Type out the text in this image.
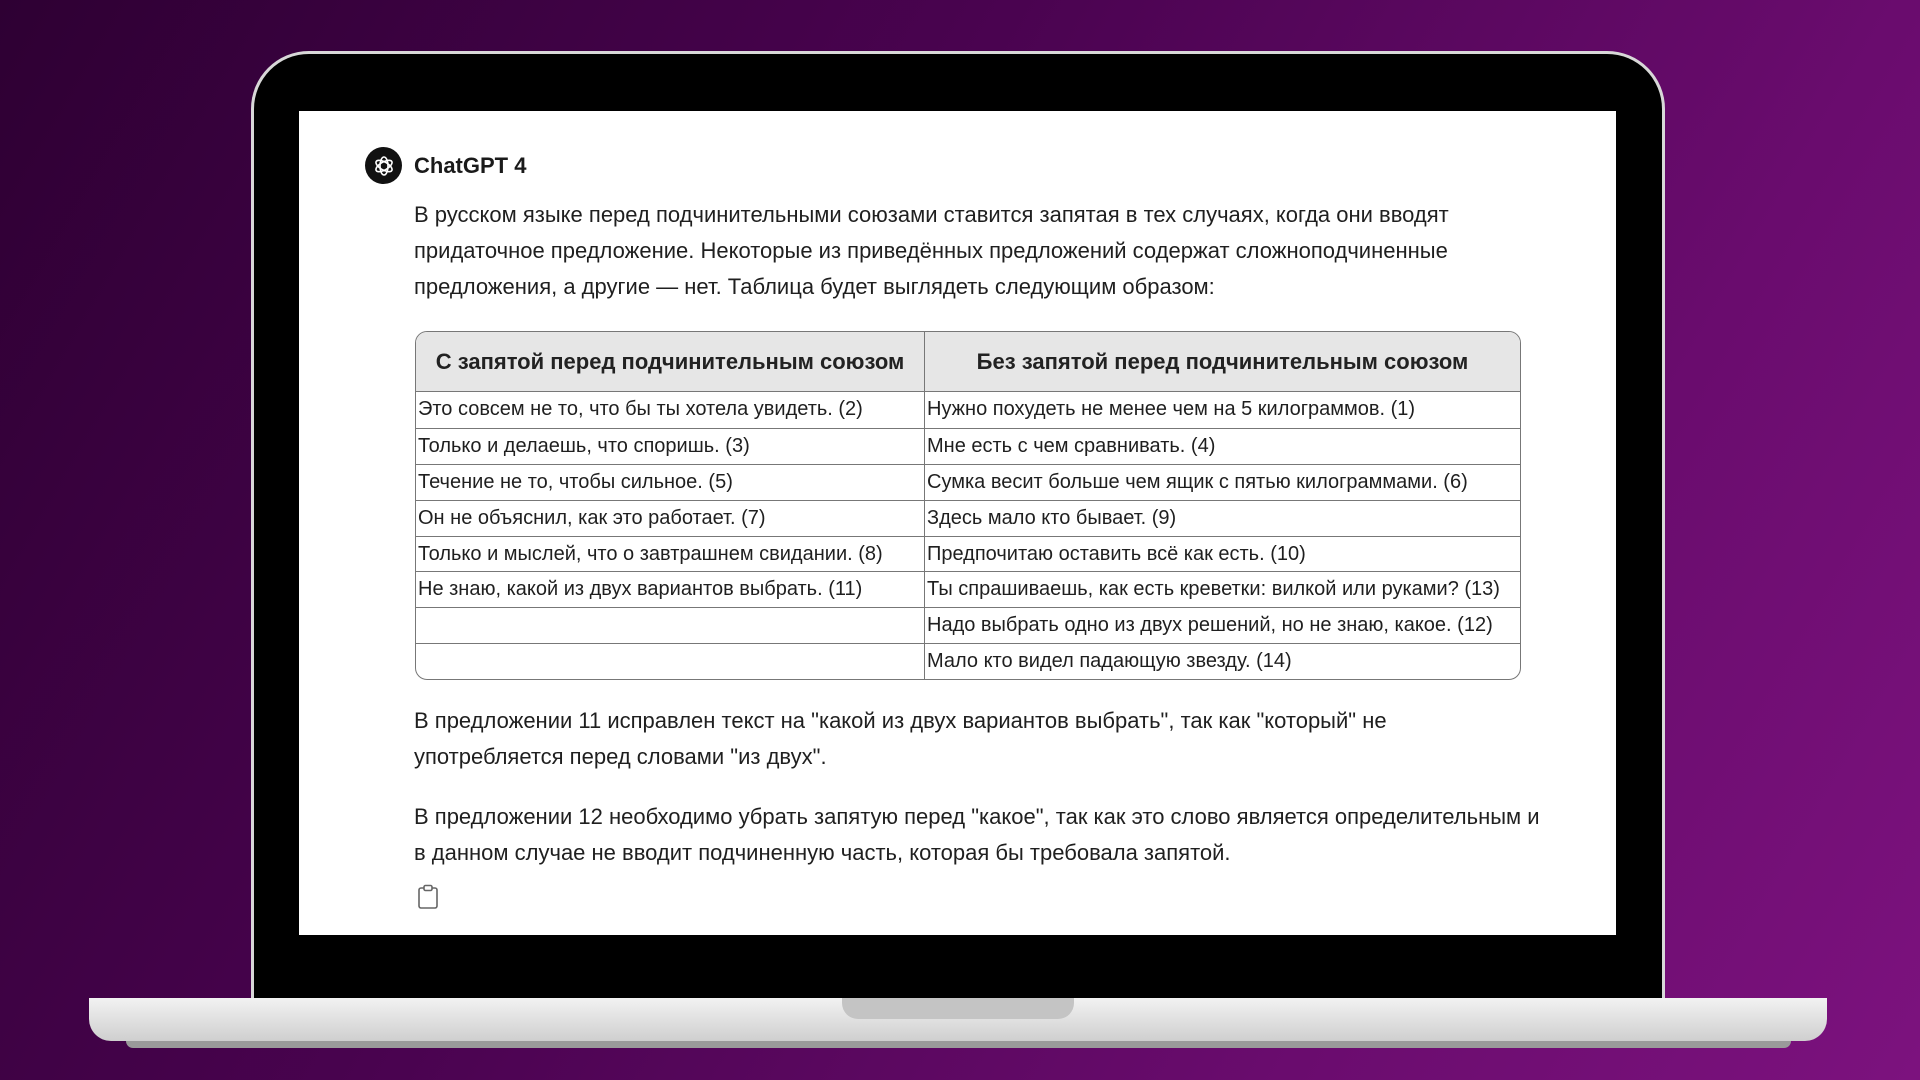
ChatGPT 4
В русском языке перед подчинительными союзами ставится запятая в тех случаях, когда они вводят придаточное предложение. Некоторые из приведённых предложений содержат сложноподчиненные предложения, а другие — нет. Таблица будет выглядеть следующим образом:
С запятой перед подчинительным союзом	Без запятой перед подчинительным союзом
Это совсем не то, что бы ты хотела увидеть. (2)	Нужно похудеть не менее чем на 5 килограммов. (1)
Только и делаешь, что споришь. (3)	Мне есть с чем сравнивать. (4)
Течение не то, чтобы сильное. (5)	Сумка весит больше чем ящик с пятью килограммами. (6)
Он не объяснил, как это работает. (7)	Здесь мало кто бывает. (9)
Только и мыслей, что о завтрашнем свидании. (8)	Предпочитаю оставить всё как есть. (10)
Не знаю, какой из двух вариантов выбрать. (11)	Ты спрашиваешь, как есть креветки: вилкой или руками? (13)
	Надо выбрать одно из двух решений, но не знаю, какое. (12)
	Мало кто видел падающую звезду. (14)
В предложении 11 исправлен текст на "какой из двух вариантов выбрать", так как "который" не употребляется перед словами "из двух".
В предложении 12 необходимо убрать запятую перед "какое", так как это слово является определительным и в данном случае не вводит подчиненную часть, которая бы требовала запятой.
